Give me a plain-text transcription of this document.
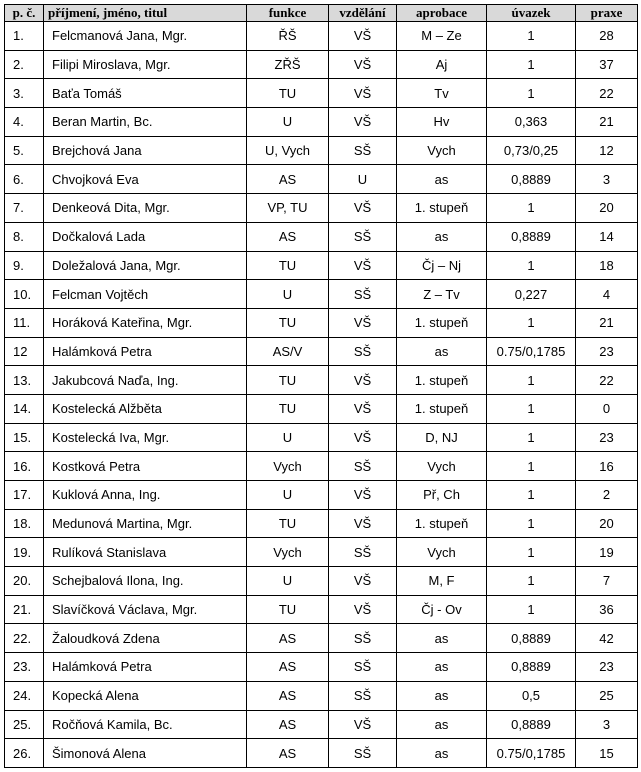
p. č.	příjmení, jméno, titul	funkce	vzdělání	aprobace	úvazek	praxe
1.	Felcmanová Jana, Mgr.	ŘŠ	VŠ	M – Ze	1	28
2.	Filipi Miroslava, Mgr.	ZŘŠ	VŠ	Aj	1	37
3.	Baťa Tomáš	TU	VŠ	Tv	1	22
4.	Beran Martin, Bc.	U	VŠ	Hv	0,363	21
5.	Brejchová Jana	U, Vych	SŠ	Vych	0,73/0,25	12
6.	Chvojková Eva	AS	U	as	0,8889	3
7.	Denkeová Dita, Mgr.	VP, TU	VŠ	1. stupeň	1	20
8.	Dočkalová Lada	AS	SŠ	as	0,8889	14
9.	Doležalová Jana, Mgr.	TU	VŠ	Čj – Nj	1	18
10.	Felcman Vojtěch	U	SŠ	Z – Tv	0,227	4
11.	Horáková Kateřina, Mgr.	TU	VŠ	1. stupeň	1	21
12	Halámková Petra	AS/V	SŠ	as	0.75/0,1785	23
13.	Jakubcová Naďa, Ing.	TU	VŠ	1. stupeň	1	22
14.	Kostelecká Alžběta	TU	VŠ	1. stupeň	1	0
15.	Kostelecká Iva, Mgr.	U	VŠ	D, NJ	1	23
16.	Kostková Petra	Vych	SŠ	Vych	1	16
17.	Kuklová Anna, Ing.	U	VŠ	Př, Ch	1	2
18.	Medunová Martina, Mgr.	TU	VŠ	1. stupeň	1	20
19.	Rulíková Stanislava	Vych	SŠ	Vych	1	19
20.	Schejbalová Ilona, Ing.	U	VŠ	M, F	1	7
21.	Slavíčková Václava, Mgr.	TU	VŠ	Čj - Ov	1	36
22.	Žaloudková Zdena	AS	SŠ	as	0,8889	42
23.	Halámková Petra	AS	SŠ	as	0,8889	23
24.	Kopecká Alena	AS	SŠ	as	0,5	25
25.	Ročňová Kamila, Bc.	AS	VŠ	as	0,8889	3
26.	Šimonová Alena	AS	SŠ	as	0.75/0,1785	15
